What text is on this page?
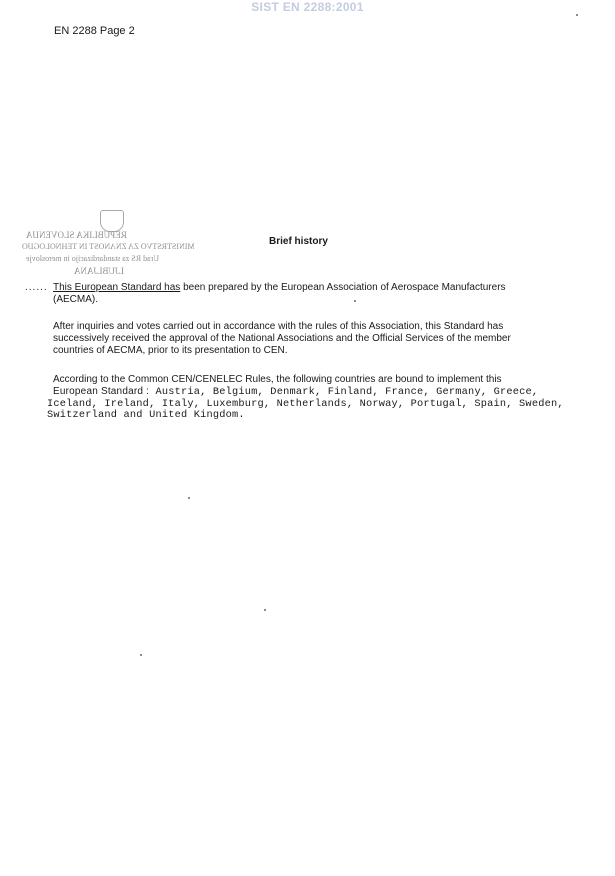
SIST EN 2288:2001
EN 2288 Page 2
REPUBLIKA SLOVENIJA
MINISTRSTVO ZA ZNANOST IN TEHNOLOGIJO
Urad RS za standardizacijo in meroslovje
LJUBLJANA
Brief history
...... This European Standard has been prepared by the European Association of Aerospace Manufacturers
(AECMA).
After inquiries and votes carried out in accordance with the rules of this Association, this Standard has successively received the approval of the National Associations and the Official Services of the member countries of AECMA, prior to its presentation to CEN.
According to the Common CEN/CENELEC Rules, the following countries are bound to implement this
European Standard : Austria, Belgium, Denmark, Finland, France, Germany, Greece,
Iceland, Ireland, Italy, Luxemburg, Netherlands, Norway, Portugal, Spain, Sweden,
Switzerland and United Kingdom.
